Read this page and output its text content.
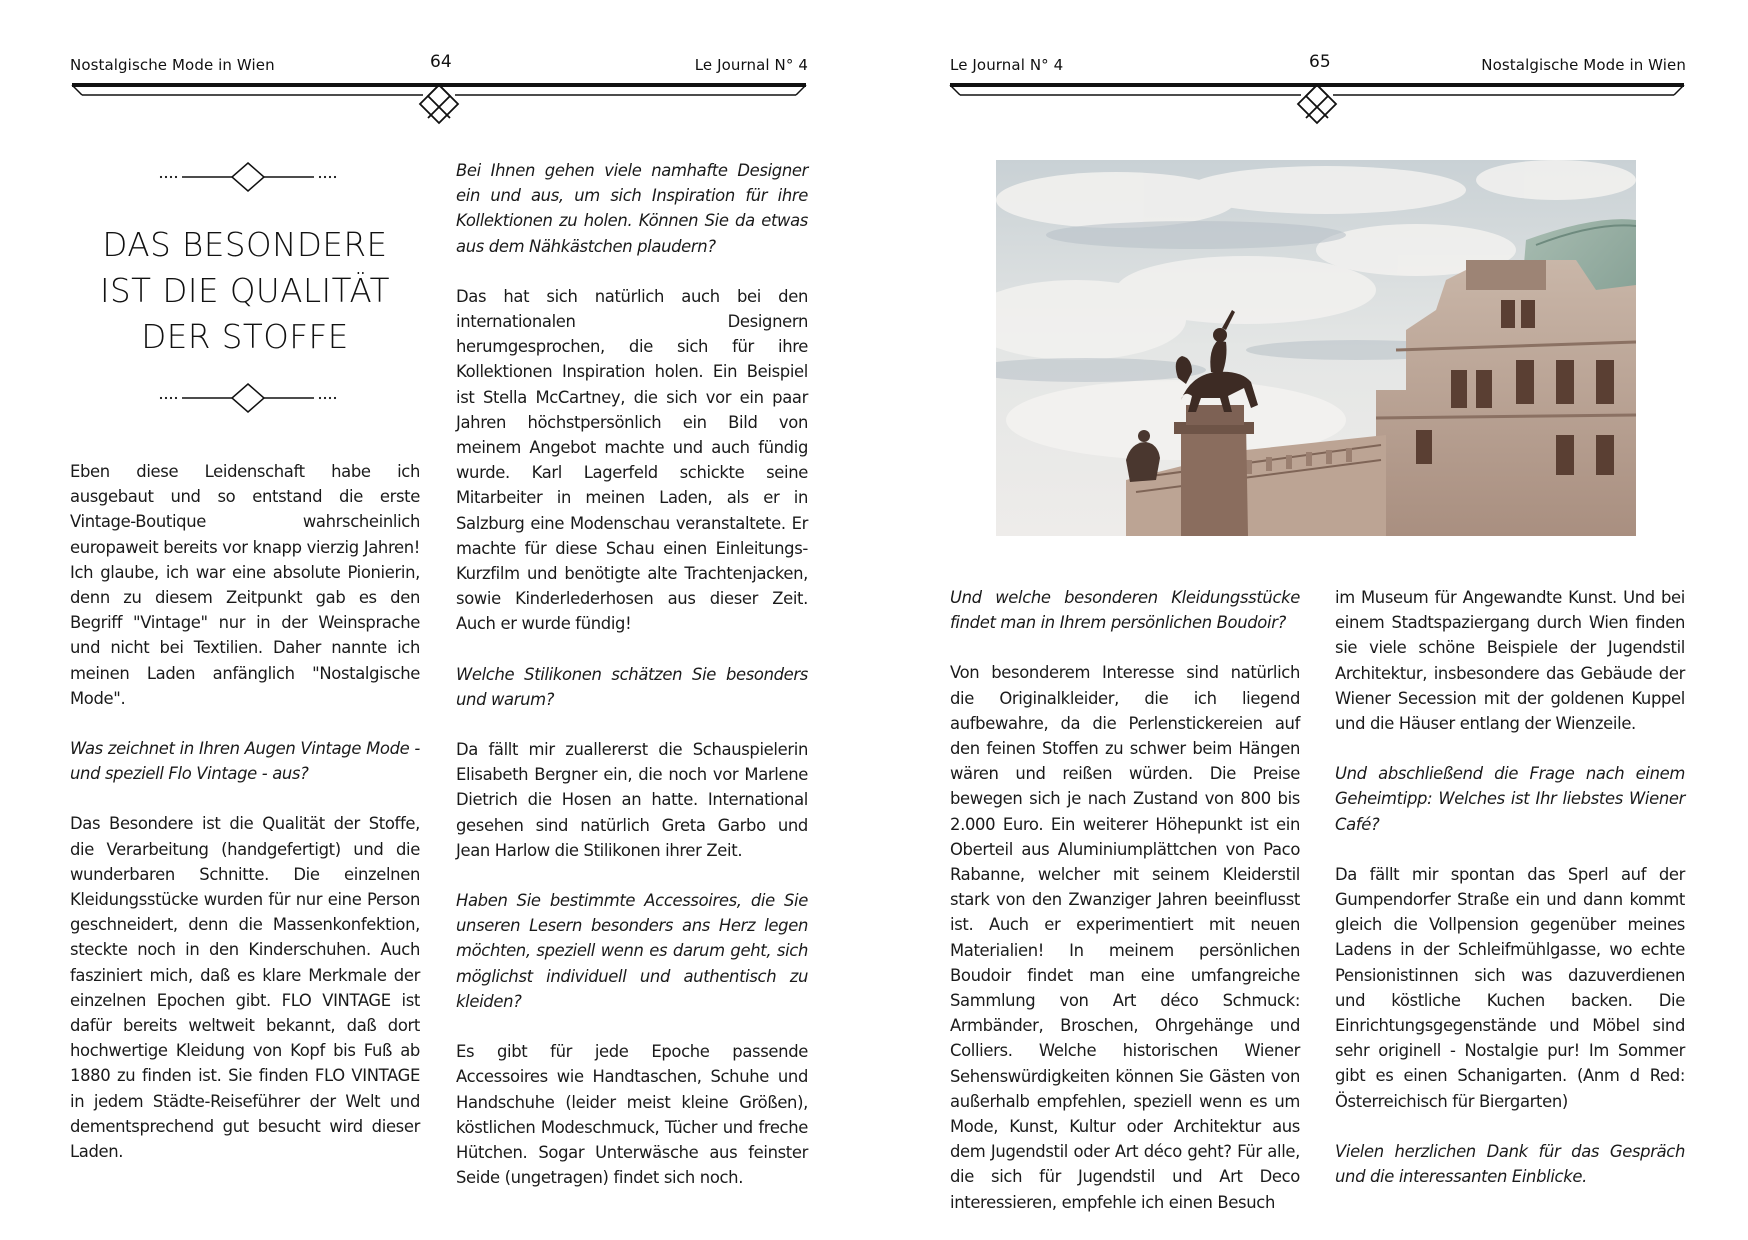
Nostalgische Mode in Wien	64	Le Journal N° 4
DAS BESONDERE
IST DIE QUALITÄT
DER STOFFE

Eben diese Leidenschaft habe ich ausgebaut und so entstand die erste Vintage-Boutique wahrscheinlich europaweit bereits vor knapp vierzig Jahren! Ich glaube, ich war eine absolute Pionierin, denn zu diesem Zeitpunkt gab es den Begriff "Vintage" nur in der Weinsprache und nicht bei Textilien. Daher nannte ich meinen Laden anfänglich "Nostalgische Mode".

Was zeichnet in Ihren Augen Vintage Mode - und speziell Flo Vintage - aus?

Das Besondere ist die Qualität der Stoffe, die Verarbeitung (handgefertigt) und die wunderbaren Schnitte. Die einzelnen Kleidungsstücke wurden für nur eine Person geschneidert, denn die Massenkonfektion, steckte noch in den Kinderschuhen. Auch fasziniert mich, daß es klare Merkmale der einzelnen Epochen gibt. FLO VINTAGE ist dafür bereits weltweit bekannt, daß dort hochwertige Kleidung von Kopf bis Fuß ab 1880 zu finden ist. Sie finden FLO VINTAGE in jedem Städte-Reiseführer der Welt und dementsprechend gut besucht wird dieser Laden.

Bei Ihnen gehen viele namhafte Designer ein und aus, um sich Inspiration für ihre Kollektionen zu holen. Können Sie da etwas aus dem Nähkästchen plaudern?

Das hat sich natürlich auch bei den internationalen Designern herumgesprochen, die sich für ihre Kollektionen Inspiration holen. Ein Beispiel ist Stella McCartney, die sich vor ein paar Jahren höchstpersönlich ein Bild von meinem Angebot machte und auch fündig wurde. Karl Lagerfeld schickte seine Mitarbeiter in meinen Laden, als er in Salzburg eine Modenschau veranstaltete. Er machte für diese Schau einen Einleitungs-Kurzfilm und benötigte alte Trachtenjacken, sowie Kinderlederhosen aus dieser Zeit. Auch er wurde fündig!

Welche Stilikonen schätzen Sie besonders und warum?

Da fällt mir zuallererst die Schauspielerin Elisabeth Bergner ein, die noch vor Marlene Dietrich die Hosen an hatte. International gesehen sind natürlich Greta Garbo und Jean Harlow die Stilikonen ihrer Zeit.

Haben Sie bestimmte Accessoires, die Sie unseren Lesern besonders ans Herz legen möchten, speziell wenn es darum geht, sich möglichst individuell und authentisch zu kleiden?

Es gibt für jede Epoche passende Accessoires wie Handtaschen, Schuhe und Handschuhe (leider meist kleine Größen), köstlichen Modeschmuck, Tücher und freche Hütchen. Sogar Unterwäsche aus feinster Seide (ungetragen) findet sich noch.

Le Journal N° 4	65	Nostalgische Mode in Wien

Und welche besonderen Kleidungsstücke findet man in Ihrem persönlichen Boudoir?

Von besonderem Interesse sind natürlich die Originalkleider, die ich liegend aufbewahre, da die Perlenstickereien auf den feinen Stoffen zu schwer beim Hängen wären und reißen würden. Die Preise bewegen sich je nach Zustand von 800 bis 2.000 Euro. Ein weiterer Höhepunkt ist ein Oberteil aus Aluminiumplättchen von Paco Rabanne, welcher mit seinem Kleiderstil stark von den Zwanziger Jahren beeinflusst ist. Auch er experimentiert mit neuen Materialien! In meinem persönlichen Boudoir findet man eine umfangreiche Sammlung von Art déco Schmuck: Armbänder, Broschen, Ohrgehänge und Colliers. Welche historischen Wiener Sehenswürdigkeiten können Sie Gästen von außerhalb empfehlen, speziell wenn es um Mode, Kunst, Kultur oder Architektur aus dem Jugendstil oder Art déco geht? Für alle, die sich für Jugendstil und Art Deco interessieren, empfehle ich einen Besuch

im Museum für Angewandte Kunst. Und bei einem Stadtspaziergang durch Wien finden sie viele schöne Beispiele der Jugendstil Architektur, insbesondere das Gebäude der Wiener Secession mit der goldenen Kuppel und die Häuser entlang der Wienzeile.

Und abschließend die Frage nach einem Geheimtipp: Welches ist Ihr liebstes Wiener Café?

Da fällt mir spontan das Sperl auf der Gumpendorfer Straße ein und dann kommt gleich die Vollpension gegenüber meines Ladens in der Schleifmühlgasse, wo echte Pensionistinnen sich was dazuverdienen und köstliche Kuchen backen. Die Einrichtungsgegenstände und Möbel sind sehr originell - Nostalgie pur! Im Sommer gibt es einen Schanigarten. (Anm d Red: Österreichisch für Biergarten)

Vielen herzlichen Dank für das Gespräch und die interessanten Einblicke.
